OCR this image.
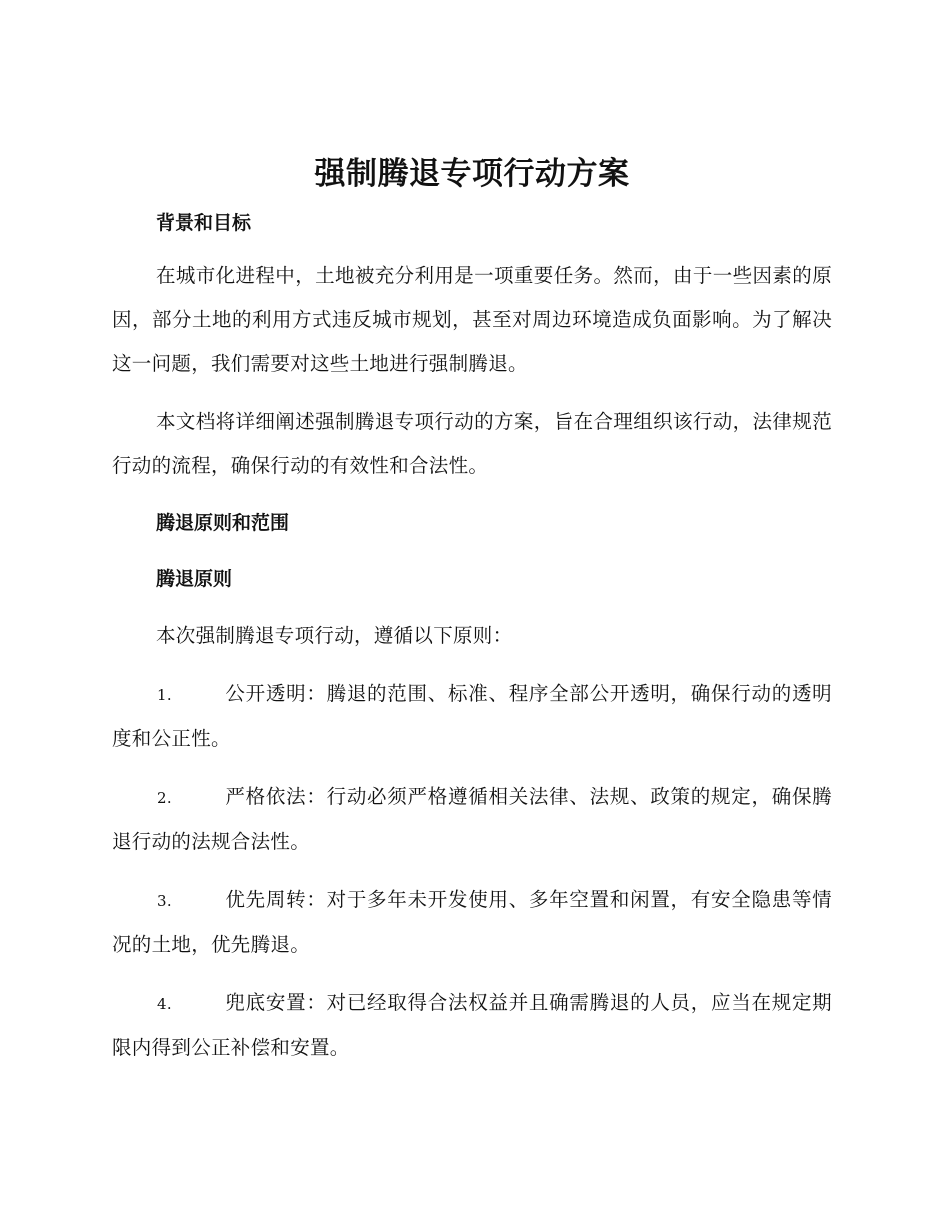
强制腾退专项行动方案
背景和目标

在城市化进程中，土地被充分利用是一项重要任务。然而，由于一些因素的原因，部分土地的利用方式违反城市规划，甚至对周边环境造成负面影响。为了解决这一问题，我们需要对这些土地进行强制腾退。

本文档将详细阐述强制腾退专项行动的方案，旨在合理组织该行动，法律规范行动的流程，确保行动的有效性和合法性。

腾退原则和范围
腾退原则

本次强制腾退专项行动，遵循以下原则：

1.	公开透明：腾退的范围、标准、程序全部公开透明，确保行动的透明度和公正性。

2.	严格依法：行动必须严格遵循相关法律、法规、政策的规定，确保腾退行动的法规合法性。

3.	优先周转：对于多年未开发使用、多年空置和闲置，有安全隐患等情况的土地，优先腾退。

4.	兜底安置：对已经取得合法权益并且确需腾退的人员，应当在规定期限内得到公正补偿和安置。
